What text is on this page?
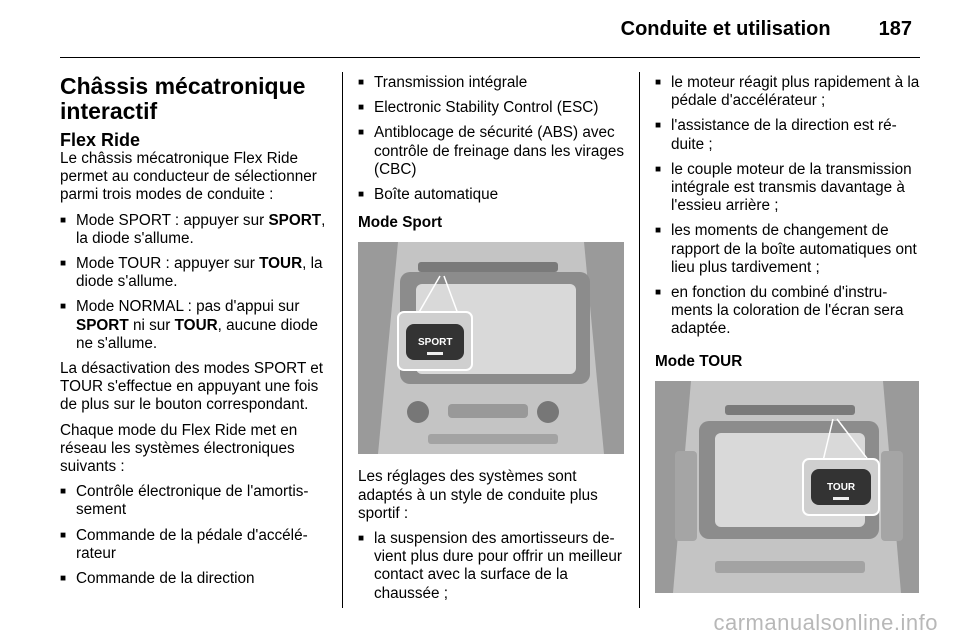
Conduite et utilisation 187
Châssis mécatronique interactif
Flex Ride

Le châssis mécatronique Flex Ride permet au conducteur de sélectionner parmi trois modes de conduite :

■ Mode SPORT : appuyer sur SPORT, la diode s'allume.
■ Mode TOUR : appuyer sur TOUR, la diode s'allume.
■ Mode NORMAL : pas d'appui sur SPORT ni sur TOUR, aucune diode ne s'allume.

La désactivation des modes SPORT et TOUR s'effectue en appuyant une fois de plus sur le bouton correspondant.

Chaque mode du Flex Ride met en réseau les systèmes électroniques suivants :

■ Contrôle électronique de l'amortissement
■ Commande de la pédale d'accélérateur
■ Commande de la direction
■ Transmission intégrale
■ Electronic Stability Control (ESC)
■ Antiblocage de sécurité (ABS) avec contrôle de freinage dans les virages (CBC)
■ Boîte automatique
Mode Sport
SPORT

Les réglages des systèmes sont adaptés à un style de conduite plus sportif :

■ la suspension des amortisseurs devient plus dure pour offrir un meilleur contact avec la surface de la chaussée ;
■ le moteur réagit plus rapidement à la pédale d'accélérateur ;
■ l'assistance de la direction est réduite ;
■ le couple moteur de la transmission intégrale est transmis davantage à l'essieu arrière ;
■ les moments de changement de rapport de la boîte automatiques ont lieu plus tardivement ;
■ en fonction du combiné d'instruments la coloration de l'écran sera adaptée.
Mode TOUR
TOUR
carmanualsonline.info
